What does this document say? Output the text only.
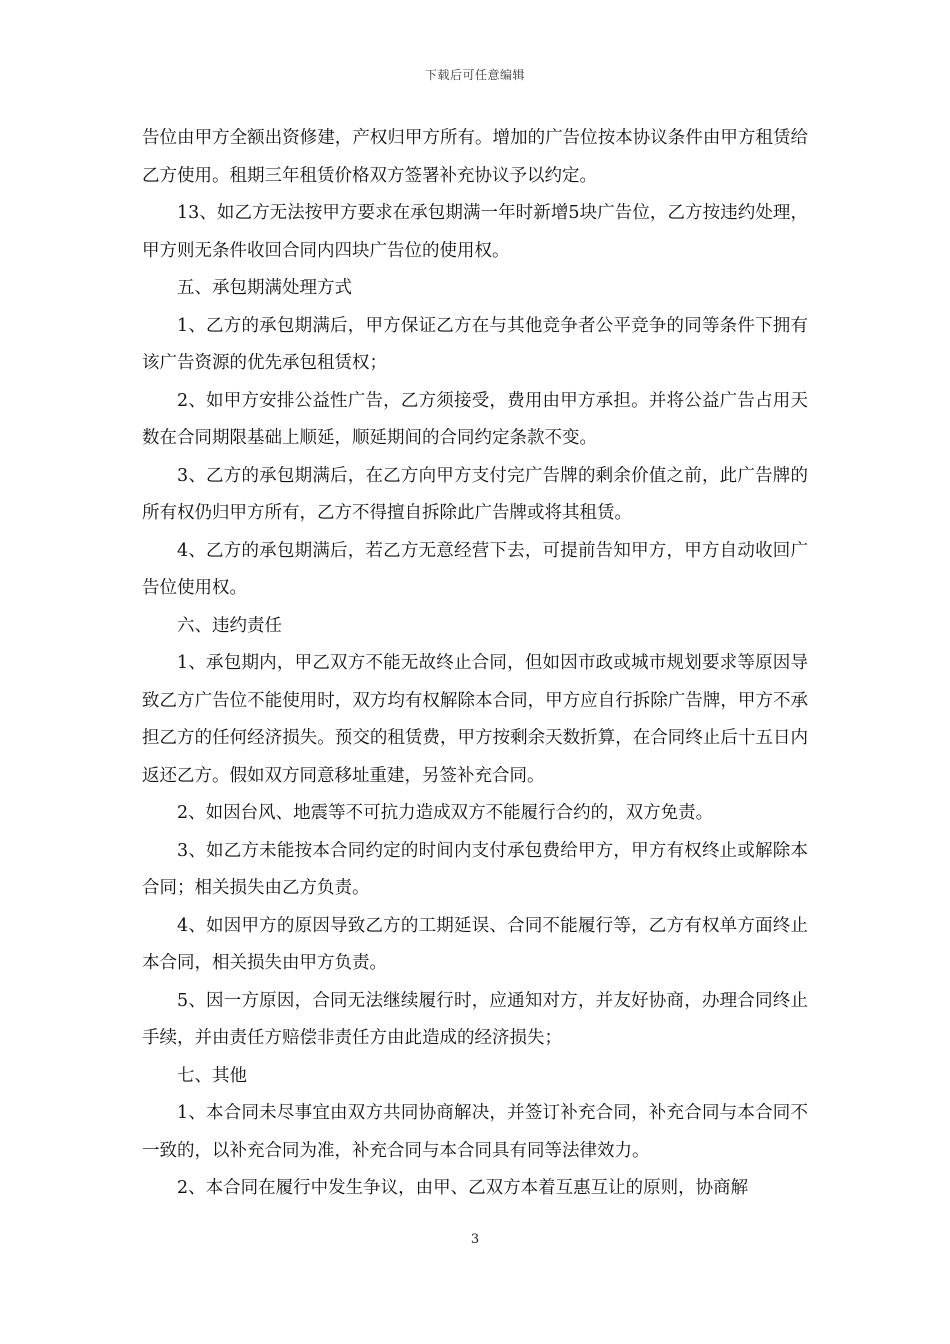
下载后可任意编辑

告位由甲方全额出资修建，产权归甲方所有。增加的广告位按本协议条件由甲方租赁给乙方使用。租期三年租赁价格双方签署补充协议予以约定。

13、如乙方无法按甲方要求在承包期满一年时新增5块广告位，乙方按违约处理，甲方则无条件收回合同内四块广告位的使用权。

五、承包期满处理方式

1、乙方的承包期满后，甲方保证乙方在与其他竞争者公平竞争的同等条件下拥有该广告资源的优先承包租赁权；

2、如甲方安排公益性广告，乙方须接受，费用由甲方承担。并将公益广告占用天数在合同期限基础上顺延，顺延期间的合同约定条款不变。

3、乙方的承包期满后，在乙方向甲方支付完广告牌的剩余价值之前，此广告牌的所有权仍归甲方所有，乙方不得擅自拆除此广告牌或将其租赁。

4、乙方的承包期满后，若乙方无意经营下去，可提前告知甲方，甲方自动收回广告位使用权。

六、违约责任

1、承包期内，甲乙双方不能无故终止合同，但如因市政或城市规划要求等原因导致乙方广告位不能使用时，双方均有权解除本合同，甲方应自行拆除广告牌，甲方不承担乙方的任何经济损失。预交的租赁费，甲方按剩余天数折算，在合同终止后十五日内返还乙方。假如双方同意移址重建，另签补充合同。

2、如因台风、地震等不可抗力造成双方不能履行合约的，双方免责。

3、如乙方未能按本合同约定的时间内支付承包费给甲方，甲方有权终止或解除本合同；相关损失由乙方负责。

4、如因甲方的原因导致乙方的工期延误、合同不能履行等，乙方有权单方面终止本合同，相关损失由甲方负责。

5、因一方原因，合同无法继续履行时，应通知对方，并友好协商，办理合同终止手续，并由责任方赔偿非责任方由此造成的经济损失；

七、其他

1、本合同未尽事宜由双方共同协商解决，并签订补充合同，补充合同与本合同不一致的，以补充合同为准，补充合同与本合同具有同等法律效力。

2、本合同在履行中发生争议，由甲、乙双方本着互惠互让的原则，协商解

3
